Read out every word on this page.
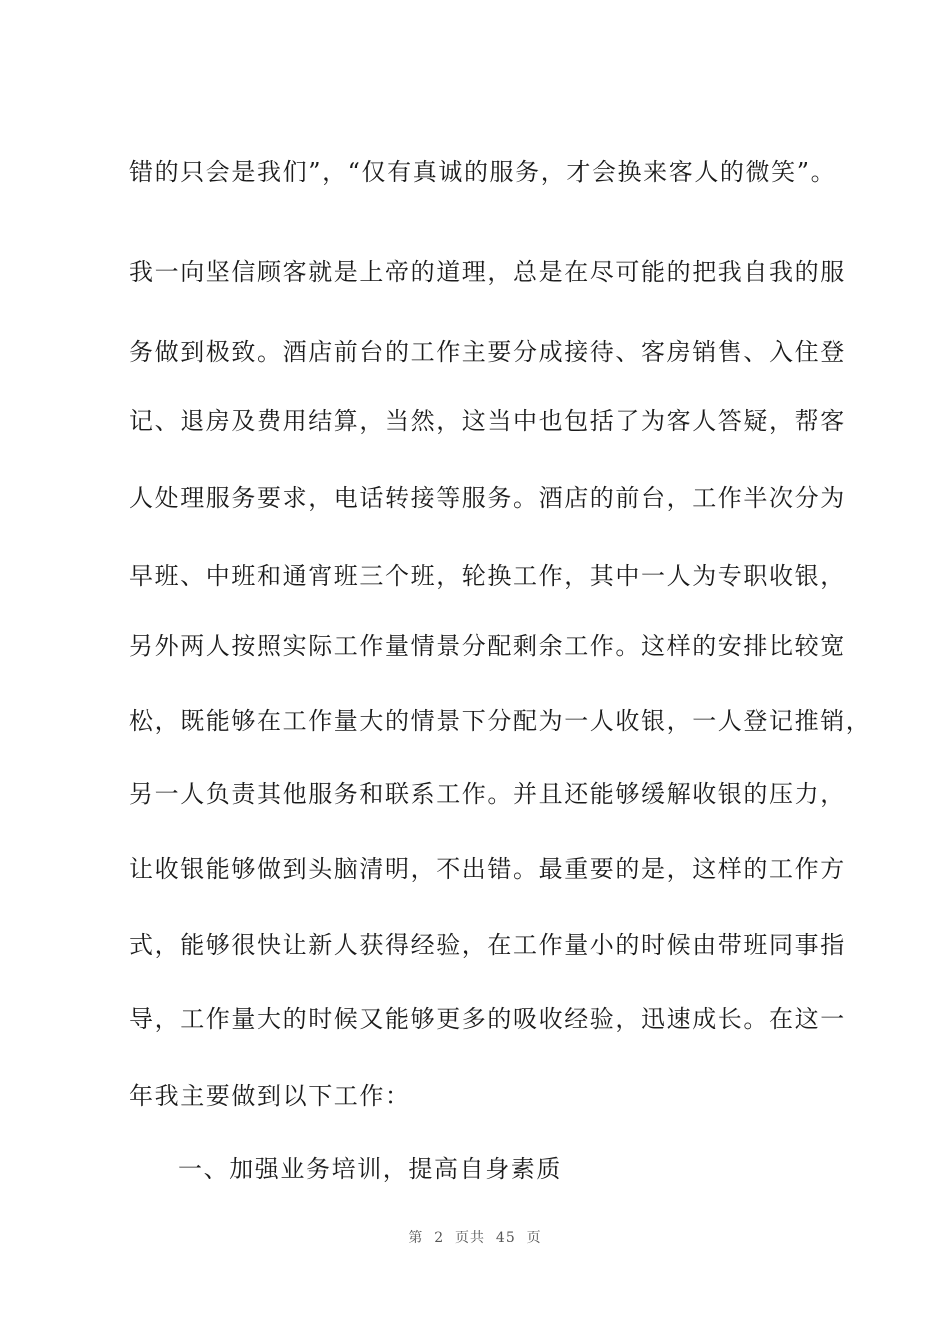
错的只会是我们”，“仅有真诚的服务，才会换来客人的微笑”。
我一向坚信顾客就是上帝的道理，总是在尽可能的把我自我的服
务做到极致。酒店前台的工作主要分成接待、客房销售、入住登
记、退房及费用结算，当然，这当中也包括了为客人答疑，帮客
人处理服务要求，电话转接等服务。酒店的前台，工作半次分为
早班、中班和通宵班三个班，轮换工作，其中一人为专职收银，
另外两人按照实际工作量情景分配剩余工作。这样的安排比较宽
松，既能够在工作量大的情景下分配为一人收银，一人登记推销，
另一人负责其他服务和联系工作。并且还能够缓解收银的压力，
让收银能够做到头脑清明，不出错。最重要的是，这样的工作方
式，能够很快让新人获得经验，在工作量小的时候由带班同事指
导，工作量大的时候又能够更多的吸收经验，迅速成长。在这一
年我主要做到以下工作：
一、加强业务培训，提高自身素质
第  2  页共  45  页
